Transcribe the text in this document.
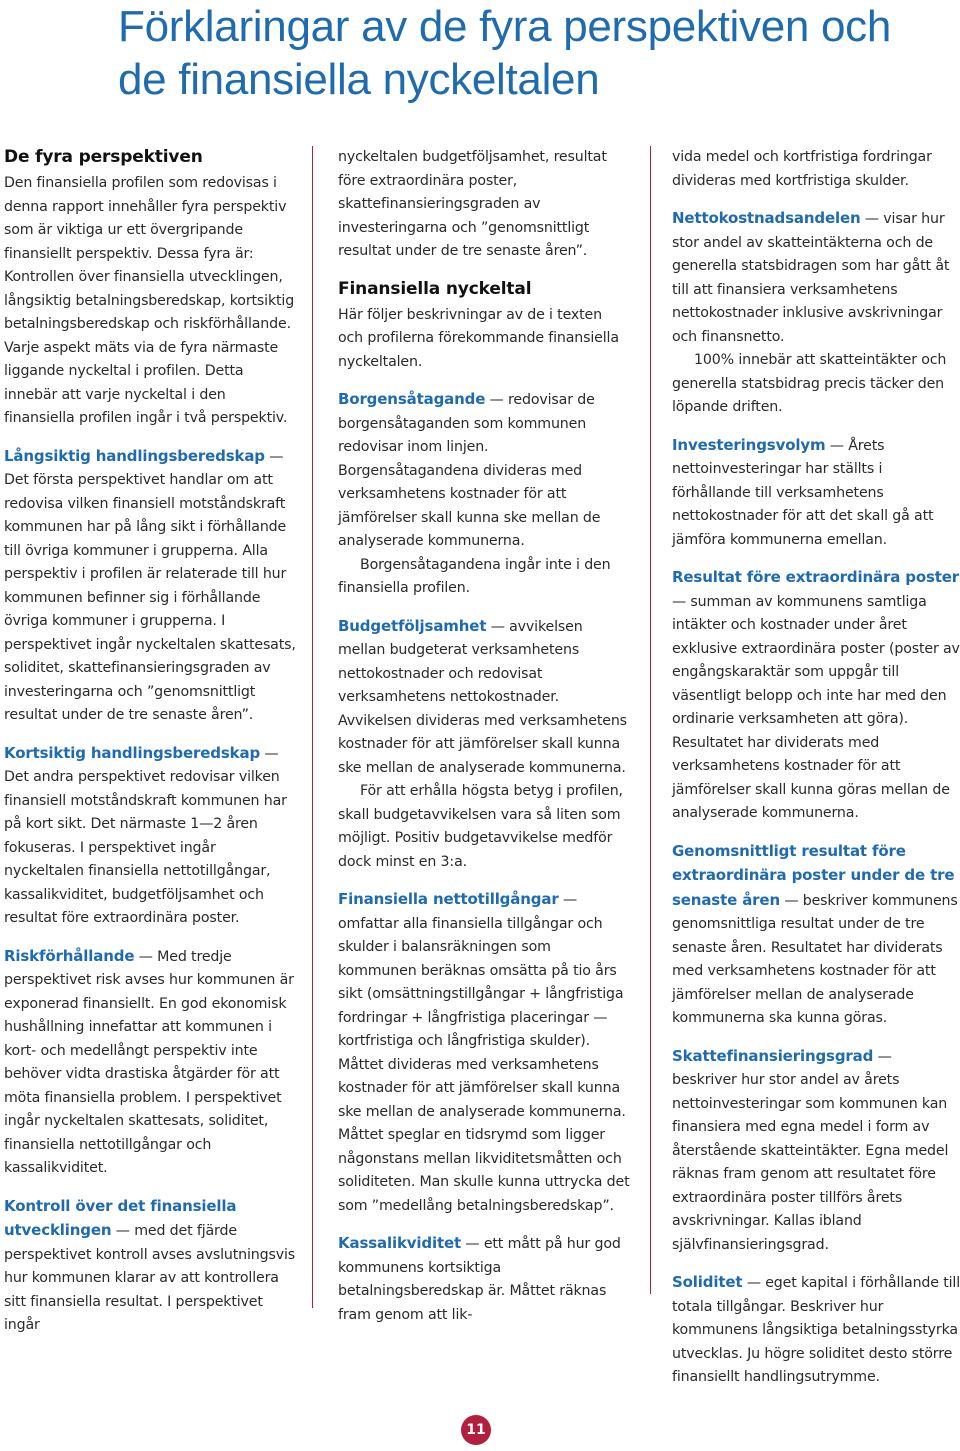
Förklaringar av de fyra perspektiven och
de finansiella nyckeltalen
De fyra perspektiven

Den finansiella profilen som redovisas i denna rapport innehåller fyra perspektiv som är viktiga ur ett övergripande finansiellt perspektiv. Dessa fyra är: Kontrollen över finansiella utvecklingen, långsiktig betalningsberedskap, kortsiktig betalningsberedskap och riskförhållande. Varje aspekt mäts via de fyra närmaste liggande nyckeltal i profilen. Detta innebär att varje nyckeltal i den finansiella profilen ingår i två perspektiv.

Långsiktig handlingsberedskap — Det första perspektivet handlar om att redovisa vilken finansiell motståndskraft kommunen har på lång sikt i förhållande till övriga kommuner i grupperna. Alla perspektiv i profilen är relaterade till hur kommunen befinner sig i förhållande övriga kommuner i grupperna. I perspektivet ingår nyckeltalen skattesats, soliditet, skattefinansieringsgraden av investeringarna och ”genomsnittligt resultat under de tre senaste åren”.

Kortsiktig handlingsberedskap — Det andra perspektivet redovisar vilken finansiell motståndskraft kommunen har på kort sikt. Det närmaste 1—2 åren fokuseras. I perspektivet ingår nyckeltalen finansiella nettotillgångar, kassalikviditet, budgetföljsamhet och resultat före extraordinära poster.

Riskförhållande — Med tredje perspektivet risk avses hur kommunen är exponerad finansiellt. En god ekonomisk hushållning innefattar att kommunen i kort- och medellångt perspektiv inte behöver vidta drastiska åtgärder för att möta finansiella problem. I perspektivet ingår nyckeltalen skattesats, soliditet, finansiella nettotillgångar och kassalikviditet.

Kontroll över det finansiella utvecklingen — med det fjärde perspektivet kontroll avses avslutningsvis hur kommunen klarar av att kontrollera sitt finansiella resultat. I perspektivet ingår

nyckeltalen budgetföljsamhet, resultat före extraordinära poster, skattefinansieringsgraden av investeringarna och ”genomsnittligt resultat under de tre senaste åren”.

Finansiella nyckeltal

Här följer beskrivningar av de i texten och profilerna förekommande finansiella nyckeltalen.

Borgensåtagande — redovisar de borgensåtaganden som kommunen redovisar inom linjen. Borgensåtagandena divideras med verksamhetens kostnader för att jämförelser skall kunna ske mellan de analyserade kommunerna.

Borgensåtagandena ingår inte i den finansiella profilen.

Budgetföljsamhet — avvikelsen mellan budgeterat verksamhetens nettokostnader och redovisat verksamhetens nettokostnader. Avvikelsen divideras med verksamhetens kostnader för att jämförelser skall kunna ske mellan de analyserade kommunerna.

För att erhålla högsta betyg i profilen, skall budgetavvikelsen vara så liten som möjligt. Positiv budgetavvikelse medför dock minst en 3:a.

Finansiella nettotillgångar — omfattar alla finansiella tillgångar och skulder i balansräkningen som kommunen beräknas omsätta på tio års sikt (omsättningstillgångar + långfristiga fordringar + långfristiga placeringar — kortfristiga och långfristiga skulder). Måttet divideras med verksamhetens kostnader för att jämförelser skall kunna ske mellan de analyserade kommunerna. Måttet speglar en tidsrymd som ligger någonstans mellan likviditetsmåtten och soliditeten. Man skulle kunna uttrycka det som ”medellång betalningsberedskap”.

Kassalikviditet — ett mått på hur god kommunens kortsiktiga betalningsberedskap är. Måttet räknas fram genom att lik-

vida medel och kortfristiga fordringar divideras med kortfristiga skulder.

Nettokostnadsandelen — visar hur stor andel av skatteintäkterna och de generella statsbidragen som har gått åt till att finansiera verksamhetens nettokostnader inklusive avskrivningar och finansnetto.

100% innebär att skatteintäkter och generella statsbidrag precis täcker den löpande driften.

Investeringsvolym — Årets nettoinvesteringar har ställts i förhållande till verksamhetens nettokostnader för att det skall gå att jämföra kommunerna emellan.

Resultat före extraordinära poster — summan av kommunens samtliga intäkter och kostnader under året exklusive extraordinära poster (poster av engångskaraktär som uppgår till väsentligt belopp och inte har med den ordinarie verksamheten att göra). Resultatet har dividerats med verksamhetens kostnader för att jämförelser skall kunna göras mellan de analyserade kommunerna.

Genomsnittligt resultat före extraordinära poster under de tre senaste åren — beskriver kommunens genomsnittliga resultat under de tre senaste åren. Resultatet har dividerats med verksamhetens kostnader för att jämförelser mellan de analyserade kommunerna ska kunna göras.

Skattefinansieringsgrad — beskriver hur stor andel av årets nettoinvesteringar som kommunen kan finansiera med egna medel i form av återstående skatteintäkter. Egna medel räknas fram genom att resultatet före extraordinära poster tillförs årets avskrivningar. Kallas ibland självfinansieringsgrad.

Soliditet — eget kapital i förhållande till totala tillgångar. Beskriver hur kommunens långsiktiga betalningsstyrka utvecklas. Ju högre soliditet desto större finansiellt handlingsutrymme.

11
